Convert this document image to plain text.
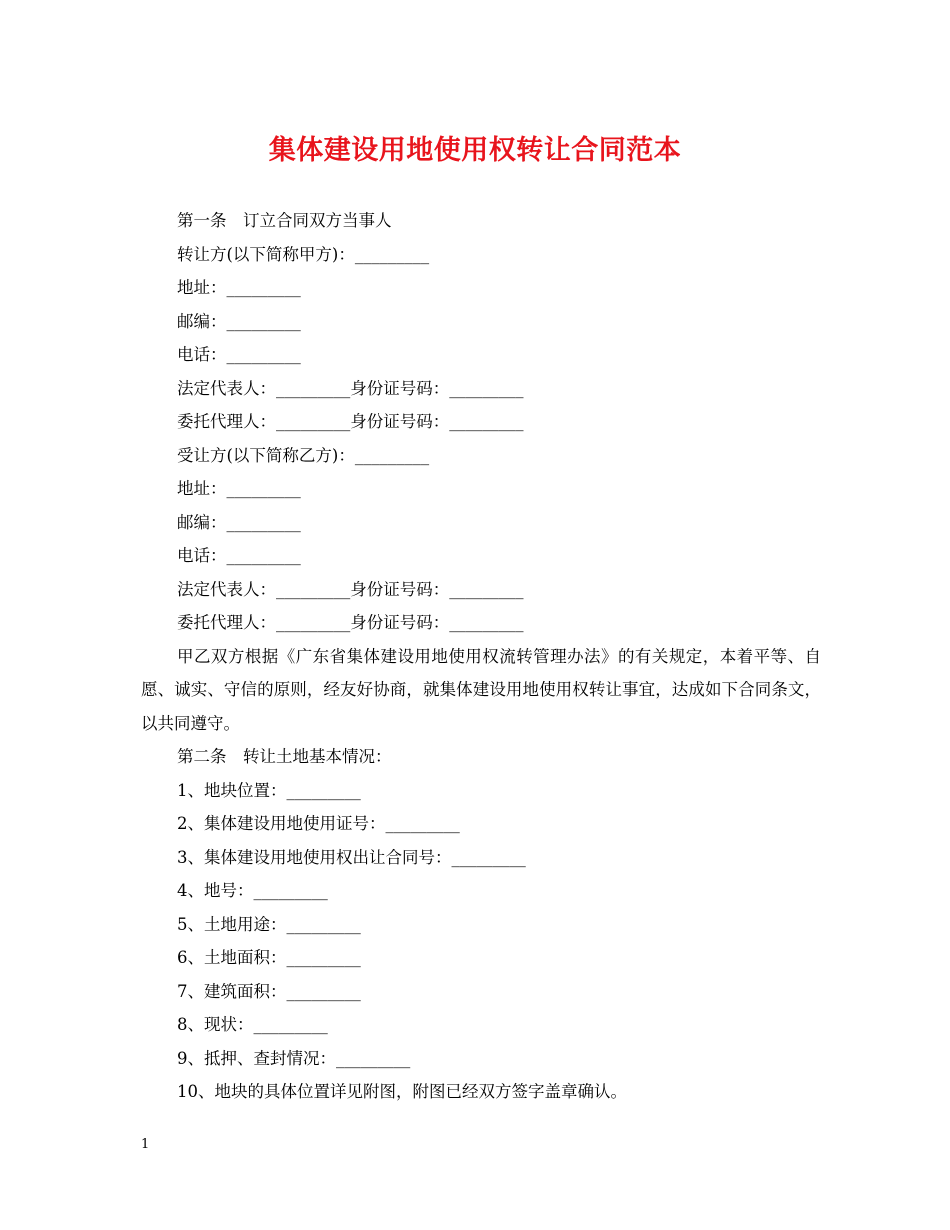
集体建设用地使用权转让合同范本
第一条　订立合同双方当事人
转让方(以下简称甲方)：_________
地址：_________
邮编：_________
电话：_________
法定代表人：_________身份证号码：_________
委托代理人：_________身份证号码：_________
受让方(以下简称乙方)：_________
地址：_________
邮编：_________
电话：_________
法定代表人：_________身份证号码：_________
委托代理人：_________身份证号码：_________
甲乙双方根据《广东省集体建设用地使用权流转管理办法》的有关规定，本着平等、自愿、诚实、守信的原则，经友好协商，就集体建设用地使用权转让事宜，达成如下合同条文，以共同遵守。
第二条　转让土地基本情况：
1、地块位置：_________
2、集体建设用地使用证号：_________
3、集体建设用地使用权出让合同号：_________
4、地号：_________
5、土地用途：_________
6、土地面积：_________
7、建筑面积：_________
8、现状：_________
9、抵押、查封情况：_________
10、地块的具体位置详见附图，附图已经双方签字盖章确认。
1
